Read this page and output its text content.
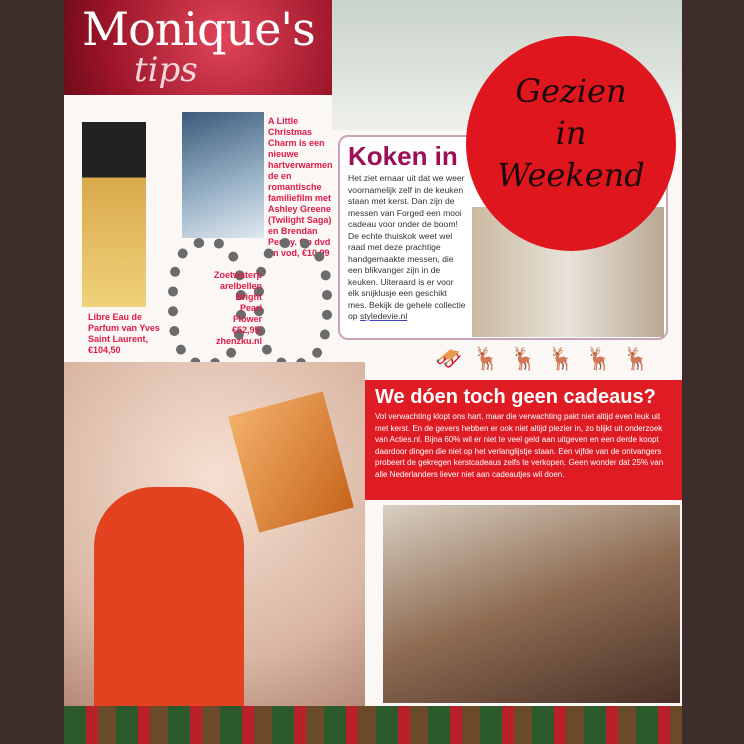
Monique's
tips
Libre Eau de Parfum van Yves Saint Laurent, €104,50
A Little Christmas Charm is een nieuwe hartverwarmende en romantische familiefilm met Ashley Greene (Twilight Saga) en Brendan Penny. Op dvd en vod, €10,99
Zoetwaterparelbellen Bright Pearl Flower €52,95, zhenzku.nl
Koken in

Het ziet ernaar uit dat we weer voornamelijk zelf in de keuken staan met kerst. Dan zijn de messen van Forged een mooi cadeau voor onder de boom! De echte thuiskok weet wel raad met deze prachtige handgemaakte messen, die een blikvanger zijn in de keuken. Uiteraard is er voor elk snijklusje een geschikt mes. Bekijk de gehele collectie op styledevie.nl

Gezien
in
Weekend
🛷 🦌 🦌 🦌 🦌 🦌
We dóen toch geen cadeaus?

Vol verwachting klopt ons hart, maar die verwachting pakt niet altijd even leuk uit met kerst. En de gevers hebben er ook niet altijd plezier in, zo blijkt uit onderzoek van Acties.nl. Bijna 60% wil er niet te veel geld aan uitgeven en een derde koopt daardoor dingen die niet op het verlanglijstje staan. Een vijfde van de ontvangers probeert de gekregen kerstcadeaus zelfs te verkopen. Geen wonder dat 25% van alle Nederlanders liever niet aan cadeautjes wil doen.
